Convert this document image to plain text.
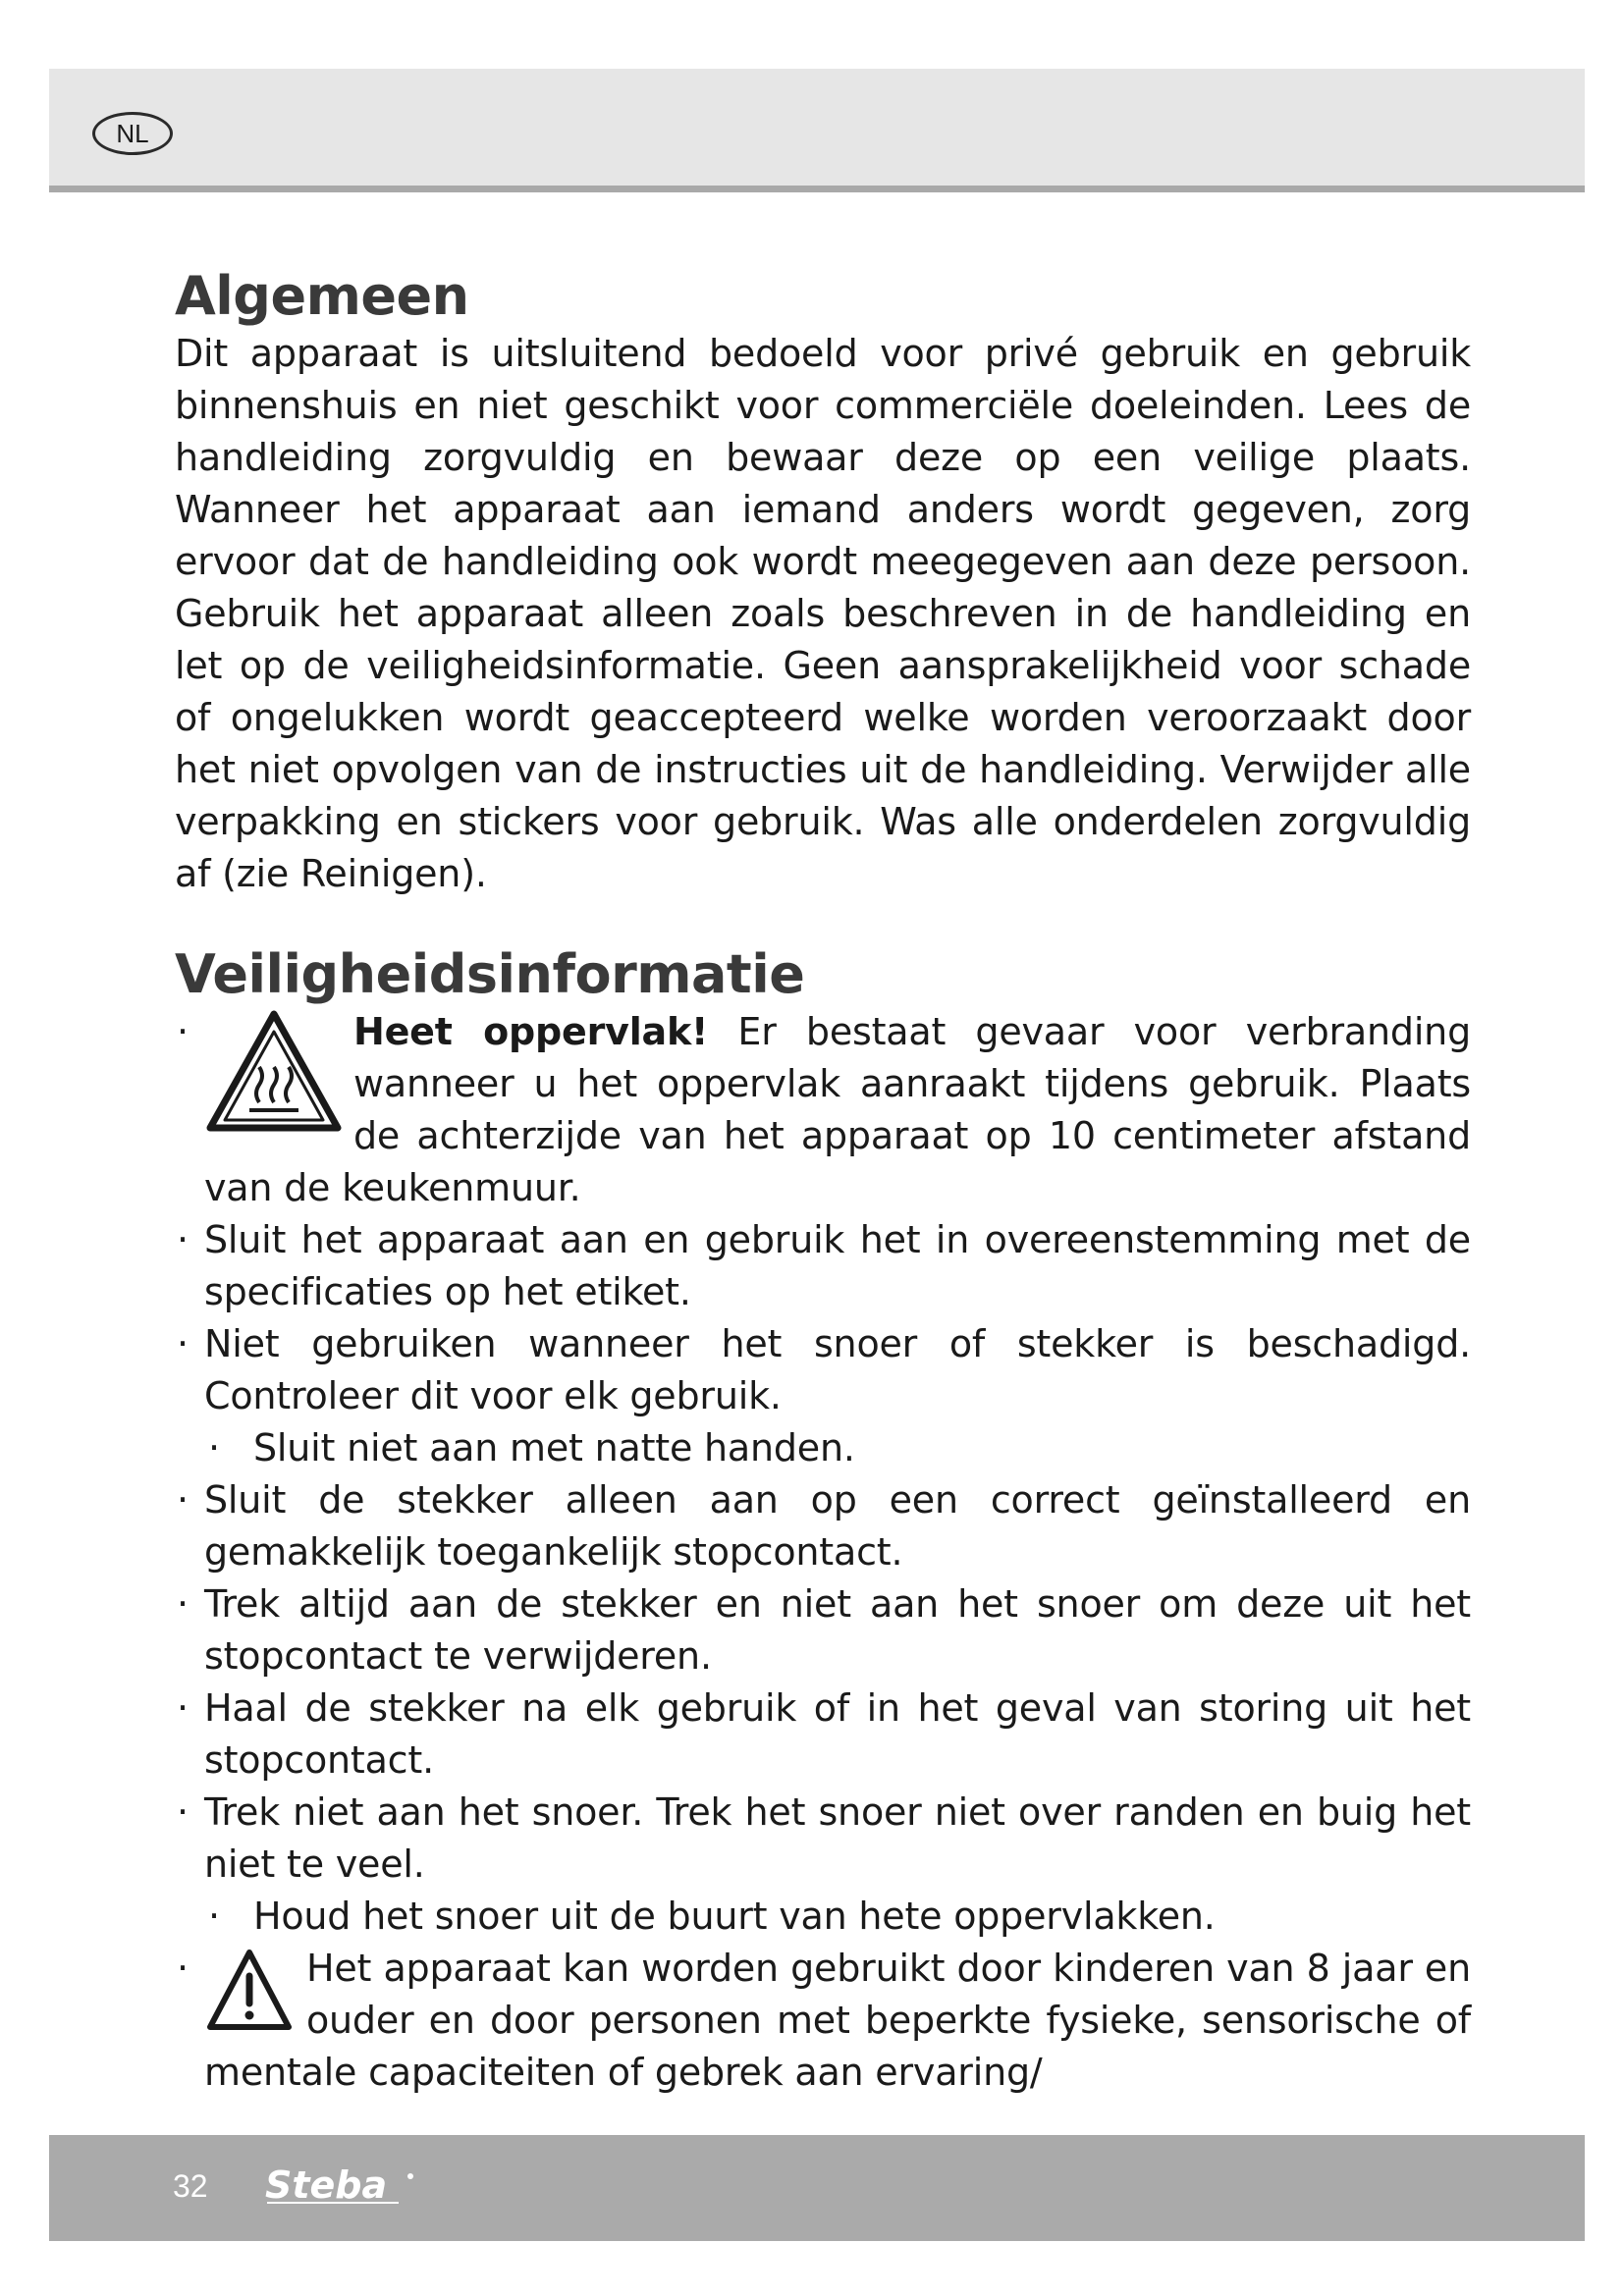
NL
Algemeen

Dit apparaat is uitsluitend bedoeld voor privé gebruik en gebruik binnenshuis en niet geschikt voor commerciële doeleinden. Lees de handleiding zorgvuldig en bewaar deze op een veilige plaats. Wanneer het apparaat aan iemand anders wordt gegeven, zorg ervoor dat de handleiding ook wordt meegegeven aan deze persoon. Gebruik het apparaat alleen zoals beschreven in de handleiding en let op de veiligheidsinformatie. Geen aansprakelijkheid voor schade of ongelukken wordt geaccepteerd welke worden veroorzaakt door het niet opvolgen van de instructies uit de handleiding. Verwijder alle verpakking en stickers voor gebruik. Was alle onderdelen zorgvuldig af (zie Reinigen).

Veiligheidsinformatie
·	Heet oppervlak! Er bestaat gevaar voor verbranding wanneer u het oppervlak aanraakt tijdens gebruik. Plaats de achterzijde van het apparaat op 10 centimeter afstand van de keukenmuur.
· Sluit het apparaat aan en gebruik het in overeenstemming met de specificaties op het etiket.
· Niet gebruiken wanneer het snoer of stekker is beschadigd. Controleer dit voor elk gebruik.
· Sluit niet aan met natte handen.
· Sluit de stekker alleen aan op een correct geïnstalleerd en gemakkelijk toegankelijk stopcontact.
· Trek altijd aan de stekker en niet aan het snoer om deze uit het stopcontact te verwijderen.
· Haal de stekker na elk gebruik of in het geval van storing uit het stopcontact.
· Trek niet aan het snoer. Trek het snoer niet over randen en buig het niet te veel.
· Houd het snoer uit de buurt van hete oppervlakken.
·	Het apparaat kan worden gebruikt door kinderen van 8 jaar en ouder en door personen met beperkte fysieke, sensorische of mentale capaciteiten of gebrek aan ervaring/
32 Steba
